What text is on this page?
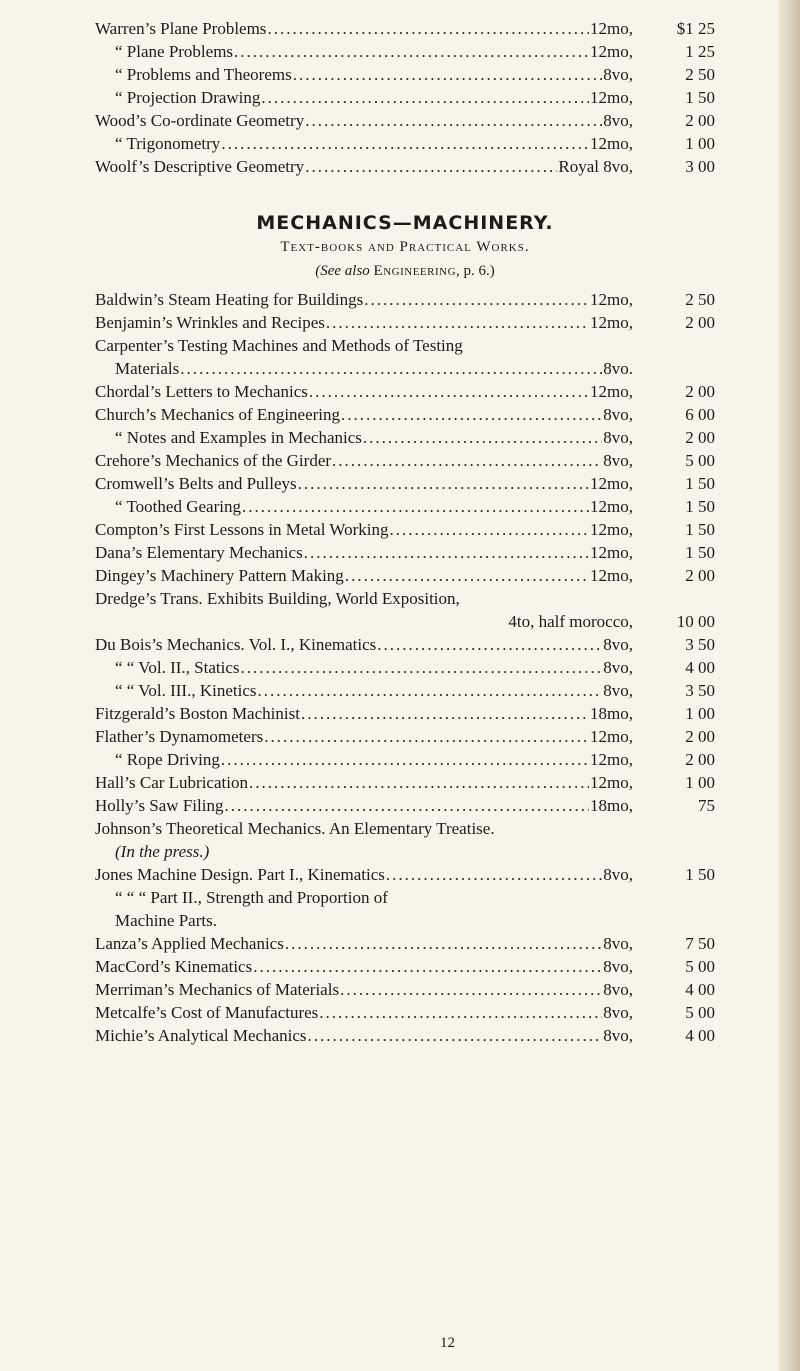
Warren’s Plane Problems .....	12mo,	$1 25
“ Plane Problems .....	12mo,	1 25
“ Problems and Theorems .....	8vo,	2 50
“ Projection Drawing .....	12mo,	1 50
Wood’s Co-ordinate Geometry .....	8vo,	2 00
“ Trigonometry .....	12mo,	1 00
Woolf’s Descriptive Geometry .....	Royal 8vo,	3 00
MECHANICS—MACHINERY.
Text-books and Practical Works.
(See also Engineering, p. 6.)
Baldwin’s Steam Heating for Buildings .....	12mo,	2 50
Benjamin’s Wrinkles and Recipes .....	12mo,	2 00
Carpenter’s Testing Machines and Methods of Testing
Materials .....	8vo.
Chordal’s Letters to Mechanics .....	12mo,	2 00
Church’s Mechanics of Engineering .....	8vo,	6 00
“ Notes and Examples in Mechanics .....	8vo,	2 00
Crehore’s Mechanics of the Girder .....	8vo,	5 00
Cromwell’s Belts and Pulleys .....	12mo,	1 50
“ Toothed Gearing .....	12mo,	1 50
Compton’s First Lessons in Metal Working .....	12mo,	1 50
Dana’s Elementary Mechanics .....	12mo,	1 50
Dingey’s Machinery Pattern Making .....	12mo,	2 00
Dredge’s Trans. Exhibits Building, World Exposition,
4to, half morocco,	10 00
Du Bois’s Mechanics. Vol. I., Kinematics .....	8vo,	3 50
“ “ Vol. II., Statics .....	8vo,	4 00
“ “ Vol. III., Kinetics .....	8vo,	3 50
Fitzgerald’s Boston Machinist .....	18mo,	1 00
Flather’s Dynamometers .....	12mo,	2 00
“ Rope Driving .....	12mo,	2 00
Hall’s Car Lubrication .....	12mo,	1 00
Holly’s Saw Filing .....	18mo,	75
Johnson’s Theoretical Mechanics. An Elementary Treatise.
(In the press.)
Jones Machine Design. Part I., Kinematics .....	8vo,	1 50
“ “ “ Part II., Strength and Proportion of
Machine Parts.
Lanza’s Applied Mechanics .....	8vo,	7 50
MacCord’s Kinematics .....	8vo,	5 00
Merriman’s Mechanics of Materials .....	8vo,	4 00
Metcalfe’s Cost of Manufactures .....	8vo,	5 00
Michie’s Analytical Mechanics .....	8vo,	4 00
12
